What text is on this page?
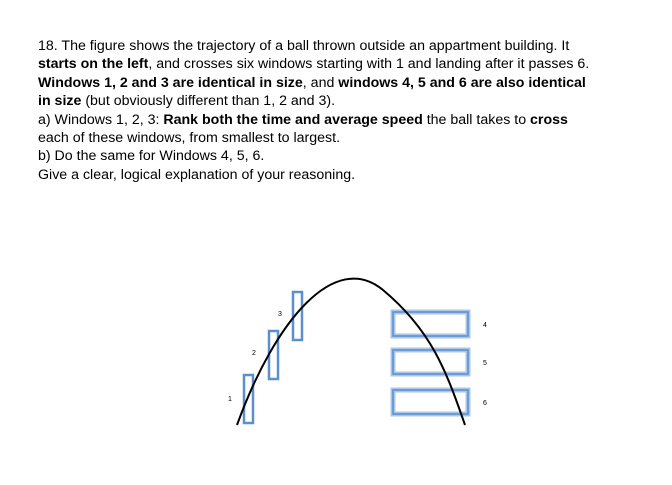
18. The figure shows the trajectory of a ball thrown outside an appartment building. It

starts on the left, and crosses six windows starting with 1 and landing after it passes 6.

Windows 1, 2 and 3 are identical in size, and windows 4, 5 and 6 are also identical

in size (but obviously different than 1, 2 and 3).

a) Windows 1, 2, 3: Rank both the time and average speed the ball takes to cross

each of these windows, from smallest to largest.

b) Do the same for Windows 4, 5, 6.

Give a clear, logical explanation of your reasoning.

1
2
3
4
5
6
